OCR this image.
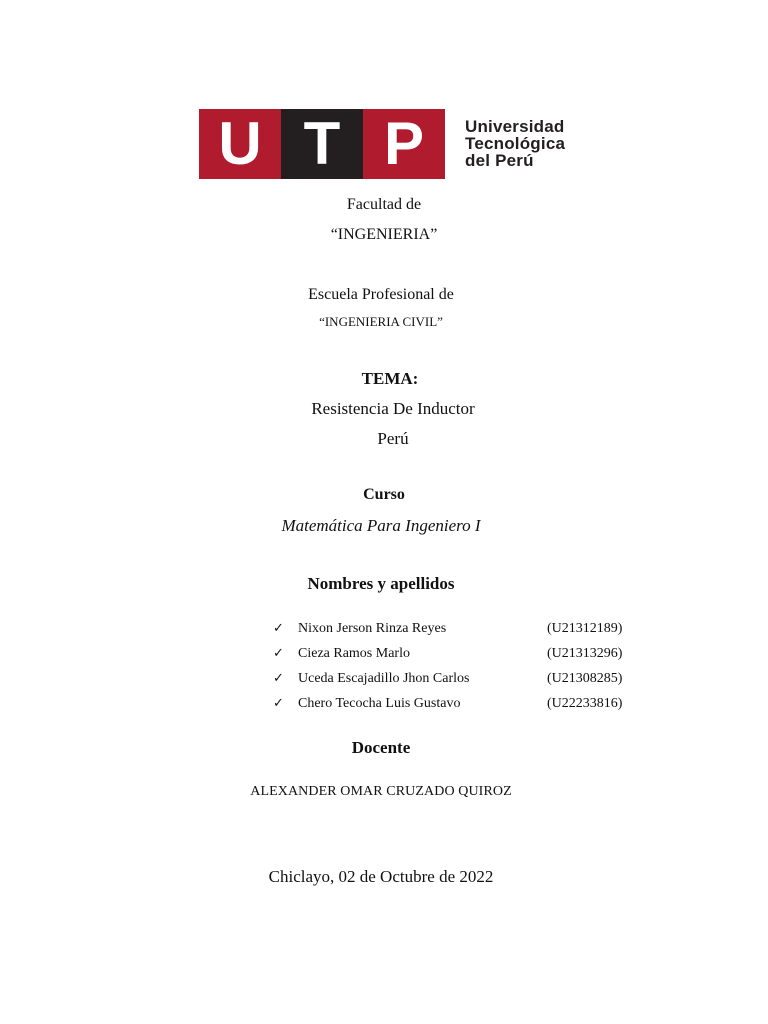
U T P	Universidad
Tecnológica
del Perú
Facultad de
“INGENIERIA”
Escuela Profesional de
“INGENIERIA CIVIL”
TEMA:
Resistencia De Inductor
Perú
Curso
Matemática Para Ingeniero I
Nombres y apellidos
✓ Nixon Jerson Rinza Reyes	(U21312189)
✓ Cieza Ramos Marlo	(U21313296)
✓ Uceda Escajadillo Jhon Carlos	(U21308285)
✓ Chero Tecocha Luis Gustavo	(U22233816)
Docente
ALEXANDER OMAR CRUZADO QUIROZ
Chiclayo, 02 de Octubre de 2022
